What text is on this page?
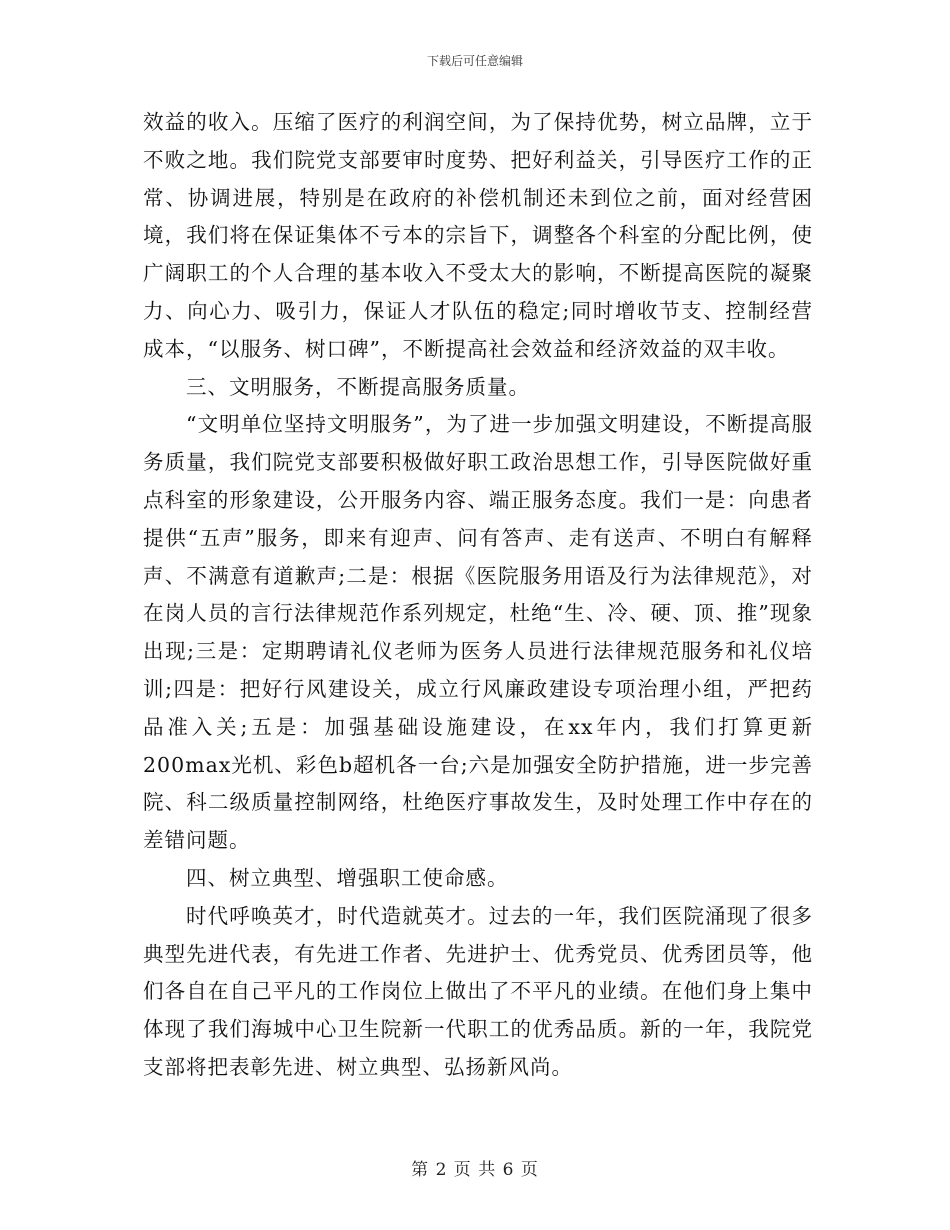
下载后可任意编辑

效益的收入。压缩了医疗的利润空间，为了保持优势，树立品牌，立于不败之地。我们院党支部要审时度势、把好利益关，引导医疗工作的正常、协调进展，特别是在政府的补偿机制还未到位之前，面对经营困境，我们将在保证集体不亏本的宗旨下，调整各个科室的分配比例，使广阔职工的个人合理的基本收入不受太大的影响，不断提高医院的凝聚力、向心力、吸引力，保证人才队伍的稳定;同时增收节支、控制经营成本，“以服务、树口碑”，不断提高社会效益和经济效益的双丰收。

三、文明服务，不断提高服务质量。

“文明单位坚持文明服务”，为了进一步加强文明建设，不断提高服务质量，我们院党支部要积极做好职工政治思想工作，引导医院做好重点科室的形象建设，公开服务内容、端正服务态度。我们一是：向患者提供“五声”服务，即来有迎声、问有答声、走有送声、不明白有解释声、不满意有道歉声;二是：根据《医院服务用语及行为法律规范》，对在岗人员的言行法律规范作系列规定，杜绝“生、冷、硬、顶、推”现象出现;三是：定期聘请礼仪老师为医务人员进行法律规范服务和礼仪培训;四是：把好行风建设关，成立行风廉政建设专项治理小组，严把药品准入关;五是：加强基础设施建设，在xx年内，我们打算更新200max光机、彩色b超机各一台;六是加强安全防护措施，进一步完善院、科二级质量控制网络，杜绝医疗事故发生，及时处理工作中存在的差错问题。

四、树立典型、增强职工使命感。

时代呼唤英才，时代造就英才。过去的一年，我们医院涌现了很多典型先进代表，有先进工作者、先进护士、优秀党员、优秀团员等，他们各自在自己平凡的工作岗位上做出了不平凡的业绩。在他们身上集中体现了我们海城中心卫生院新一代职工的优秀品质。新的一年，我院党支部将把表彰先进、树立典型、弘扬新风尚。

第 2 页 共 6 页
